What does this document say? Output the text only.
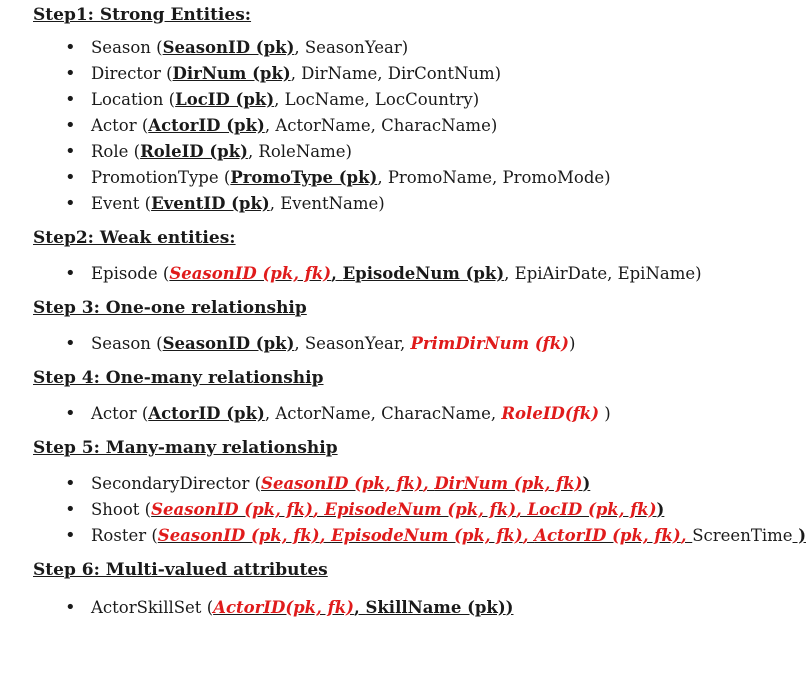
Step1: Strong Entities:

• Season (SeasonID (pk), SeasonYear)
• Director (DirNum (pk), DirName, DirContNum)
• Location (LocID (pk), LocName, LocCountry)
• Actor (ActorID (pk), ActorName, CharacName)
• Role (RoleID (pk), RoleName)
• PromotionType (PromoType (pk), PromoName, PromoMode)
• Event (EventID (pk), EventName)

Step2: Weak entities:

• Episode (SeasonID (pk, fk), EpisodeNum (pk), EpiAirDate, EpiName)

Step 3: One-one relationship

• Season (SeasonID (pk), SeasonYear, PrimDirNum (fk))

Step 4: One-many relationship

• Actor (ActorID (pk), ActorName, CharacName, RoleID(fk) )

Step 5: Many-many relationship

• SecondaryDirector (SeasonID (pk, fk), DirNum (pk, fk))
• Shoot (SeasonID (pk, fk), EpisodeNum (pk, fk), LocID (pk, fk))
• Roster (SeasonID (pk, fk), EpisodeNum (pk, fk), ActorID (pk, fk), ScreenTime )

Step 6: Multi-valued attributes

• ActorSkillSet (ActorID(pk, fk), SkillName (pk))
